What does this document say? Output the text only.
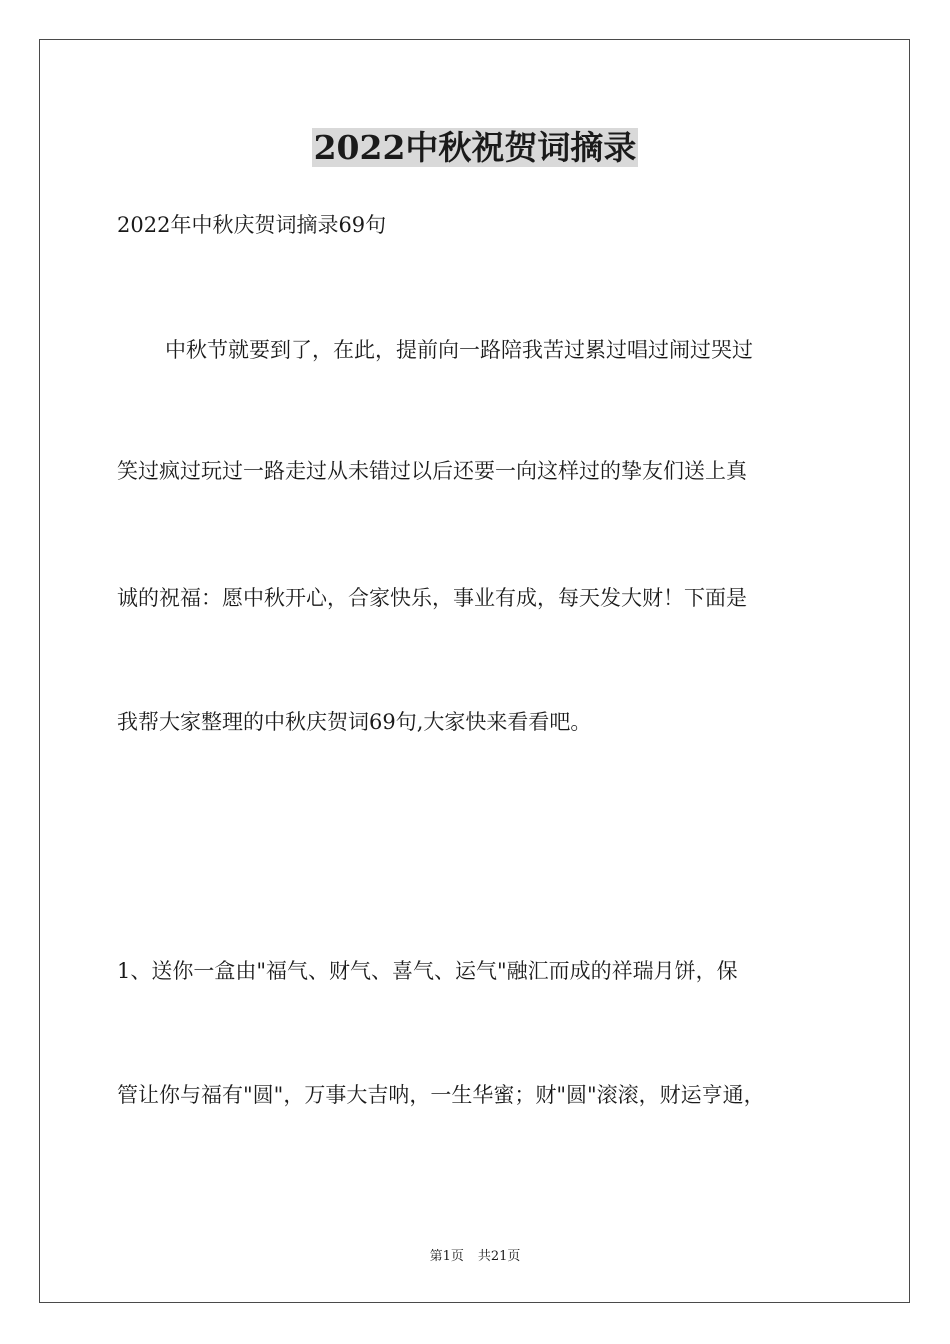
2022中秋祝贺词摘录
2022年中秋庆贺词摘录69句
中秋节就要到了，在此，提前向一路陪我苦过累过唱过闹过哭过
笑过疯过玩过一路走过从未错过以后还要一向这样过的挚友们送上真
诚的祝福：愿中秋开心，合家快乐，事业有成，每天发大财！下面是
我帮大家整理的中秋庆贺词69句,大家快来看看吧。
1、送你一盒由"福气、财气、喜气、运气"融汇而成的祥瑞月饼，保
管让你与福有"圆"，万事大吉呐，一生华蜜；财"圆"滚滚，财运亨通，
第1页 共21页
